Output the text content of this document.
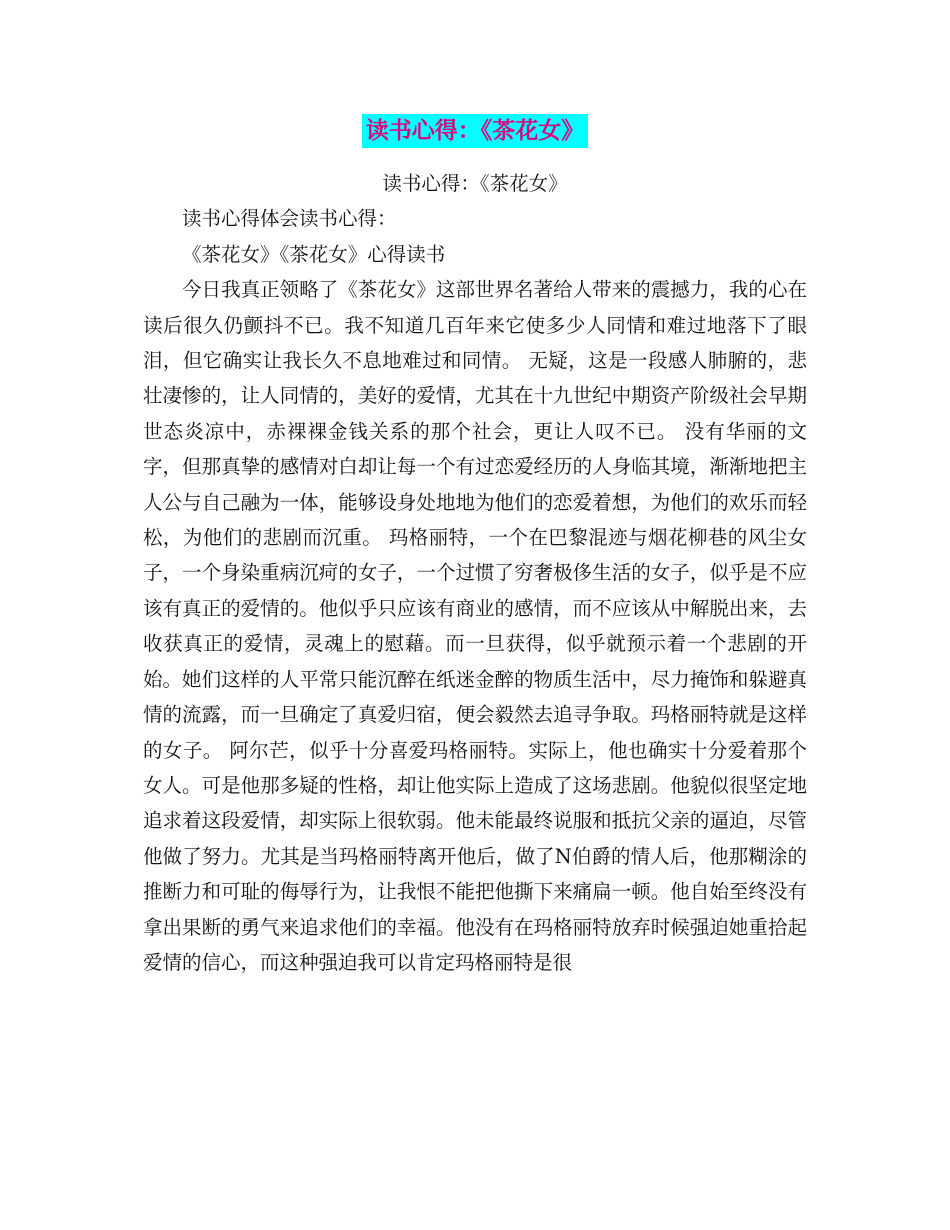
读书心得：《茶花女》

读书心得：《茶花女》

读书心得体会读书心得：

《茶花女》《茶花女》心得读书

今日我真正领略了《茶花女》这部世界名著给人带来的震撼力，我的心在读后很久仍颤抖不已。我不知道几百年来它使多少人同情和难过地落下了眼泪，但它确实让我长久不息地难过和同情。 无疑，这是一段感人肺腑的，悲壮凄惨的，让人同情的，美好的爱情，尤其在十九世纪中期资产阶级社会早期世态炎凉中，赤裸裸金钱关系的那个社会，更让人叹不已。 没有华丽的文字，但那真挚的感情对白却让每一个有过恋爱经历的人身临其境，渐渐地把主人公与自己融为一体，能够设身处地地为他们的恋爱着想，为他们的欢乐而轻松，为他们的悲剧而沉重。 玛格丽特，一个在巴黎混迹与烟花柳巷的风尘女子，一个身染重病沉疴的女子，一个过惯了穷奢极侈生活的女子，似乎是不应该有真正的爱情的。他似乎只应该有商业的感情，而不应该从中解脱出来，去收获真正的爱情，灵魂上的慰藉。而一旦获得，似乎就预示着一个悲剧的开始。她们这样的人平常只能沉醉在纸迷金醉的物质生活中，尽力掩饰和躲避真情的流露，而一旦确定了真爱归宿，便会毅然去追寻争取。玛格丽特就是这样的女子。 阿尔芒，似乎十分喜爱玛格丽特。实际上，他也确实十分爱着那个女人。可是他那多疑的性格，却让他实际上造成了这场悲剧。他貌似很坚定地追求着这段爱情，却实际上很软弱。他未能最终说服和抵抗父亲的逼迫，尽管他做了努力。尤其是当玛格丽特离开他后，做了N伯爵的情人后，他那糊涂的推断力和可耻的侮辱行为，让我恨不能把他撕下来痛扁一顿。他自始至终没有拿出果断的勇气来追求他们的幸福。他没有在玛格丽特放弃时候强迫她重拾起爱情的信心，而这种强迫我可以肯定玛格丽特是很
